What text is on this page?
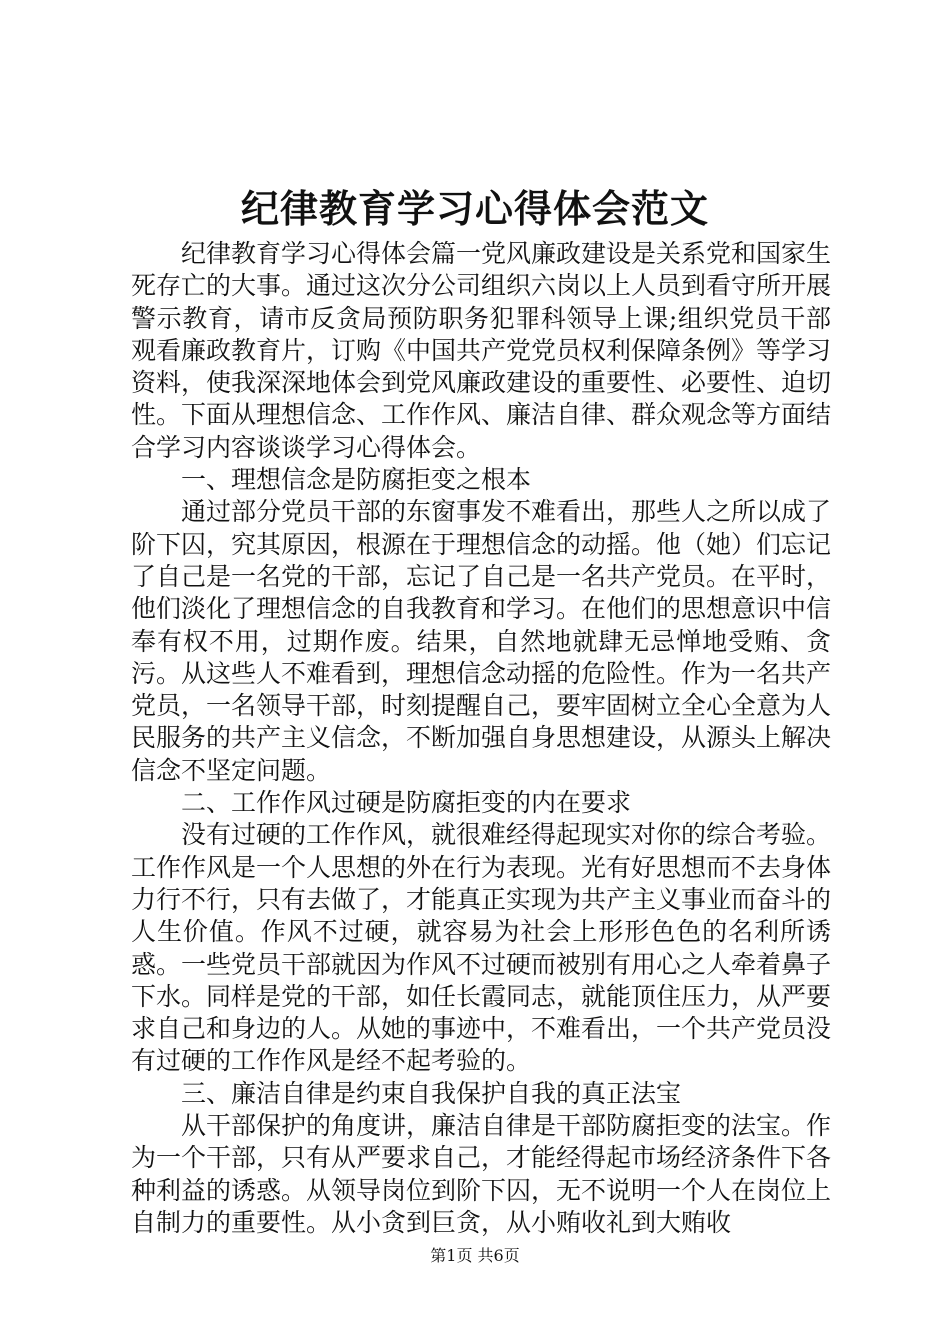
纪律教育学习心得体会范文

纪律教育学习心得体会篇一党风廉政建设是关系党和国家生死存亡的大事。通过这次分公司组织六岗以上人员到看守所开展警示教育，请市反贪局预防职务犯罪科领导上课;组织党员干部观看廉政教育片，订购《中国共产党党员权利保障条例》等学习资料，使我深深地体会到党风廉政建设的重要性、必要性、迫切性。下面从理想信念、工作作风、廉洁自律、群众观念等方面结合学习内容谈谈学习心得体会。

一、理想信念是防腐拒变之根本

通过部分党员干部的东窗事发不难看出，那些人之所以成了阶下囚，究其原因，根源在于理想信念的动摇。他（她）们忘记了自己是一名党的干部，忘记了自己是一名共产党员。在平时，他们淡化了理想信念的自我教育和学习。在他们的思想意识中信奉有权不用，过期作废。结果，自然地就肆无忌惮地受贿、贪污。从这些人不难看到，理想信念动摇的危险性。作为一名共产党员，一名领导干部，时刻提醒自己，要牢固树立全心全意为人民服务的共产主义信念，不断加强自身思想建设，从源头上解决信念不坚定问题。

二、工作作风过硬是防腐拒变的内在要求

没有过硬的工作作风，就很难经得起现实对你的综合考验。工作作风是一个人思想的外在行为表现。光有好思想而不去身体力行不行，只有去做了，才能真正实现为共产主义事业而奋斗的人生价值。作风不过硬，就容易为社会上形形色色的名利所诱惑。一些党员干部就因为作风不过硬而被别有用心之人牵着鼻子下水。同样是党的干部，如任长霞同志，就能顶住压力，从严要求自己和身边的人。从她的事迹中，不难看出，一个共产党员没有过硬的工作作风是经不起考验的。

三、廉洁自律是约束自我保护自我的真正法宝

从干部保护的角度讲，廉洁自律是干部防腐拒变的法宝。作为一个干部，只有从严要求自己，才能经得起市场经济条件下各种利益的诱惑。从领导岗位到阶下囚，无不说明一个人在岗位上自制力的重要性。从小贪到巨贪，从小贿收礼到大贿收

第1页 共6页
